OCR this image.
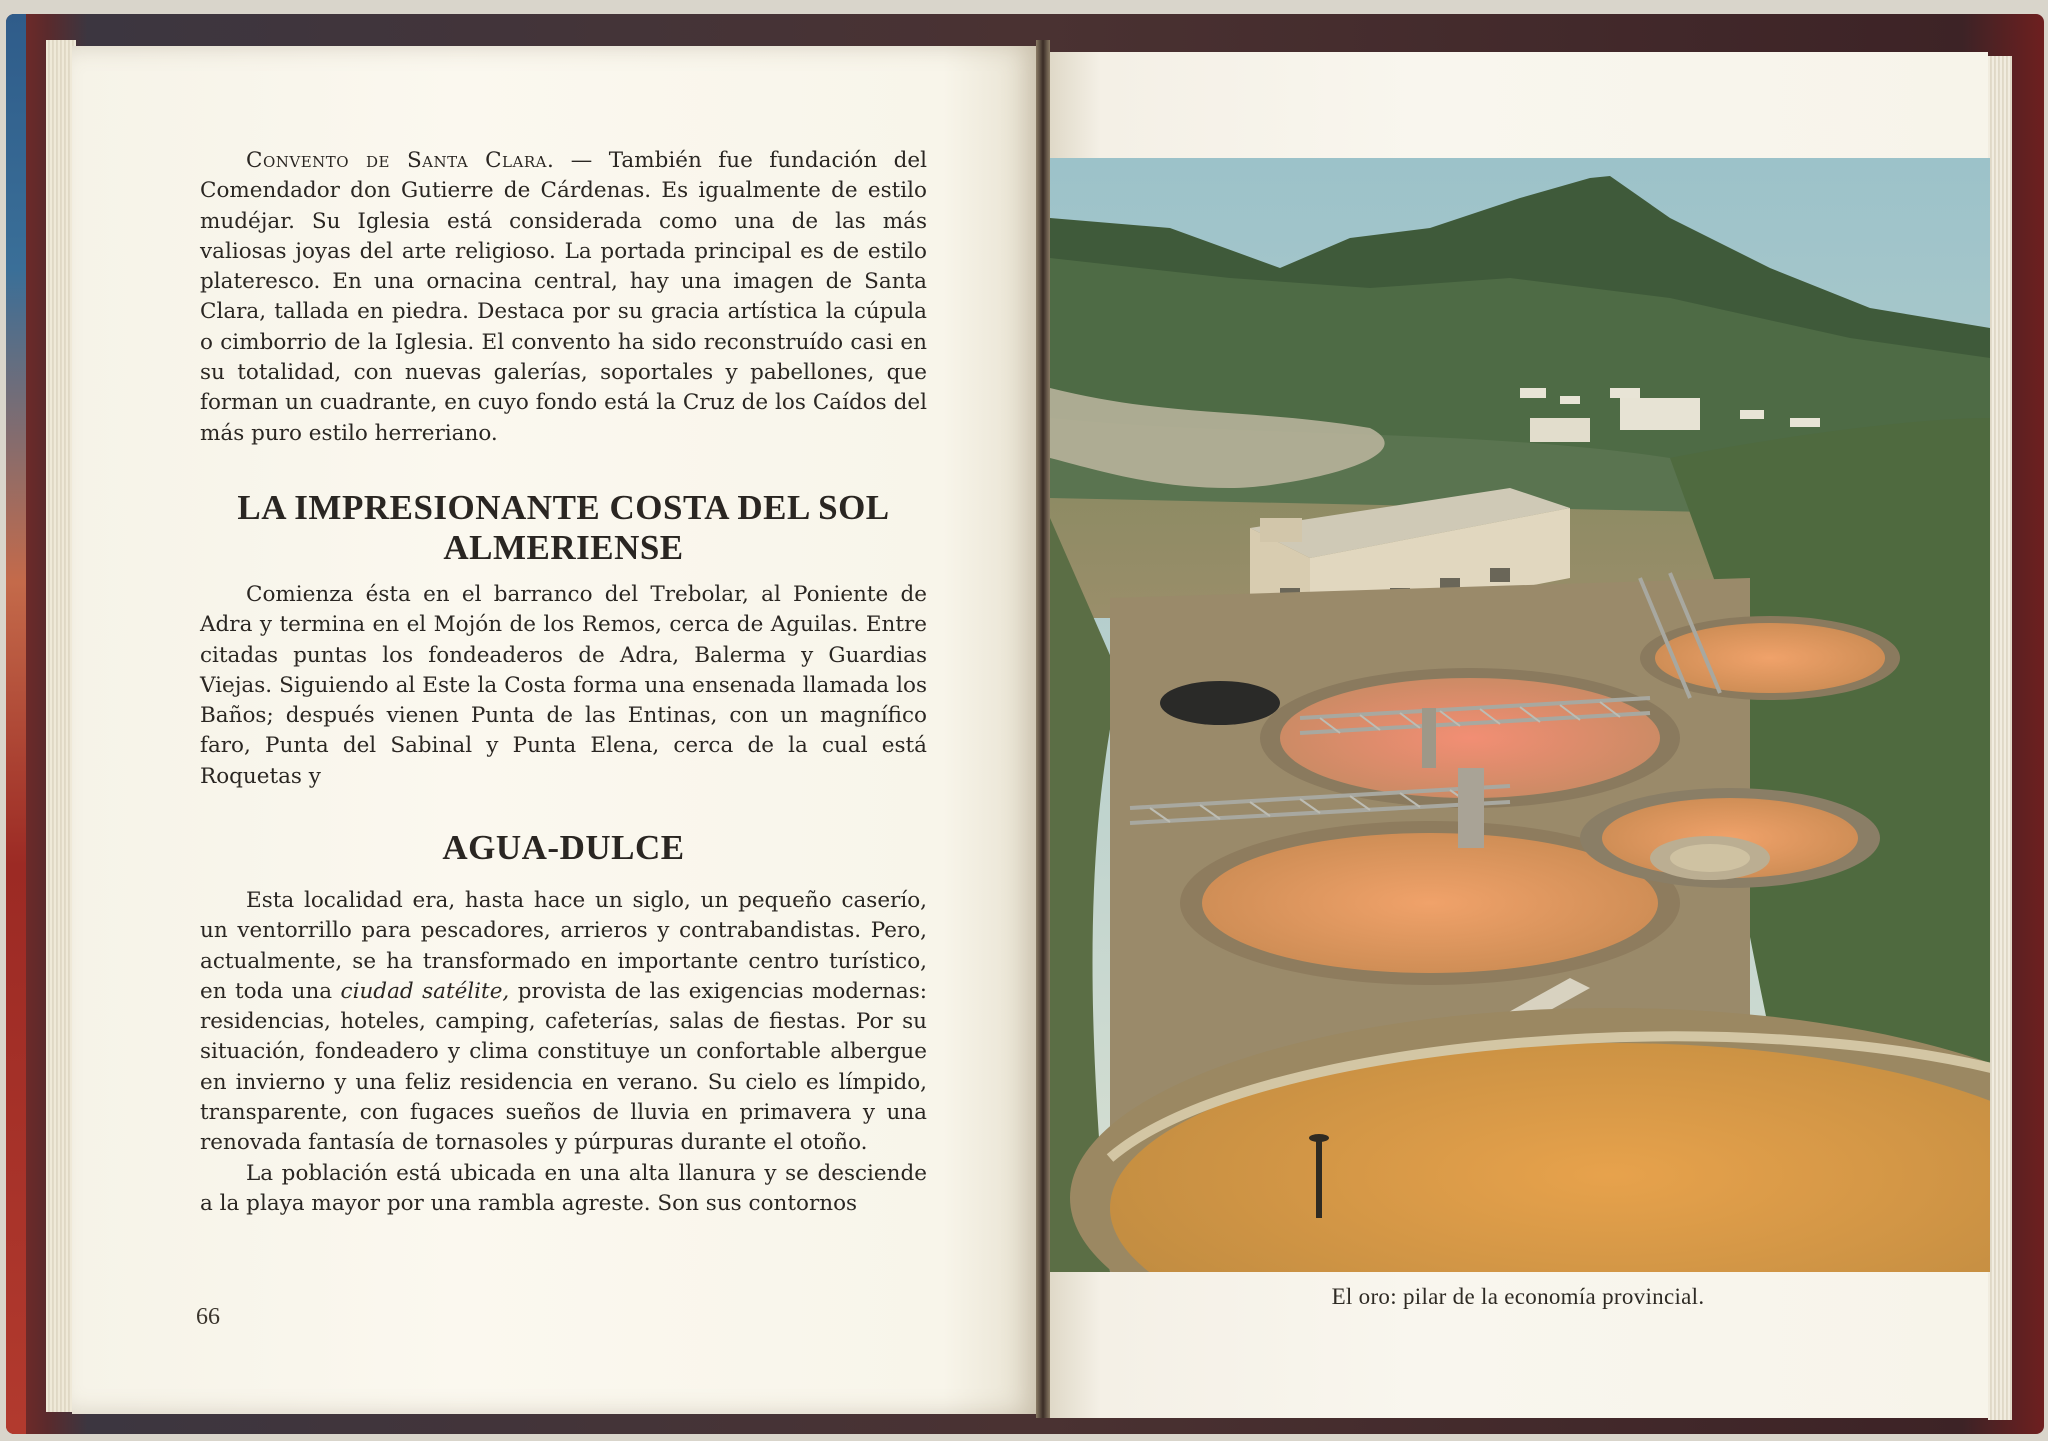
Convento de Santa Clara. — También fue fundación del Comendador don Gutierre de Cárdenas. Es igualmente de estilo mudéjar. Su Iglesia está considerada como una de las más valiosas joyas del arte religioso. La portada principal es de estilo plateresco. En una ornacina central, hay una imagen de Santa Clara, tallada en piedra. Destaca por su gracia artística la cúpula o cimborrio de la Iglesia. El convento ha sido reconstruído casi en su totalidad, con nuevas galerías, soportales y pabellones, que forman un cuadrante, en cuyo fondo está la Cruz de los Caídos del más puro estilo herreriano.

LA IMPRESIONANTE COSTA DEL SOL
ALMERIENSE

Comienza ésta en el barranco del Trebolar, al Poniente de Adra y termina en el Mojón de los Remos, cerca de Aguilas. Entre citadas puntas los fondeaderos de Adra, Balerma y Guardias Viejas. Siguiendo al Este la Costa forma una ensenada llamada los Baños; después vienen Punta de las Entinas, con un magnífico faro, Punta del Sabinal y Punta Elena, cerca de la cual está Roquetas y

AGUA-DULCE

Esta localidad era, hasta hace un siglo, un pequeño caserío, un ventorrillo para pescadores, arrieros y contrabandistas. Pero, actualmente, se ha transformado en importante centro turístico, en toda una ciudad satélite, provista de las exigencias modernas: residencias, hoteles, camping, cafeterías, salas de fiestas. Por su situación, fondeadero y clima constituye un confortable albergue en invierno y una feliz residencia en verano. Su cielo es límpido, transparente, con fugaces sueños de lluvia en primavera y una renovada fantasía de tornasoles y púrpuras durante el otoño.

La población está ubicada en una alta llanura y se desciende a la playa mayor por una rambla agreste. Son sus contornos

66
El oro: pilar de la economía provincial.
